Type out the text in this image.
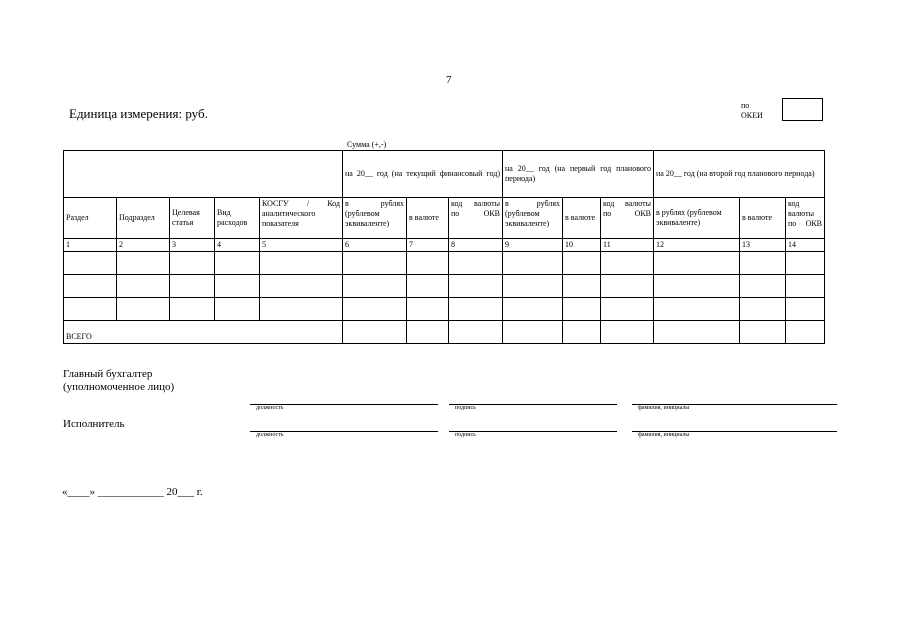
7
Единица измерения: руб.
по
ОКЕИ
Сумма (+,-)
					на 20__ год (на текущий финансовый год)			на 20__ год (на первый год планового периода)			на 20__ год (на второй год планового периода)		
Раздел	Подраздел	Целевая статья	Вид расходов	КОСГУ / Код аналитического показателя	в рублях (рублевом эквиваленте)	в валюте	код валюты по ОКВ	в рублях (рублевом эквиваленте)	в валюте	код валюты по ОКВ	в рублях (рублевом эквиваленте)	в валюте	код валюты по ОКВ
1	2	3	4	5	6	7	8	9	10	11	12	13	14

ВСЕГО													
Главный бухгалтер
(уполномоченное лицо)
должность	подпись	фамилия, инициалы
Исполнитель
должность	подпись	фамилия, инициалы
«____» ____________ 20___ г.
